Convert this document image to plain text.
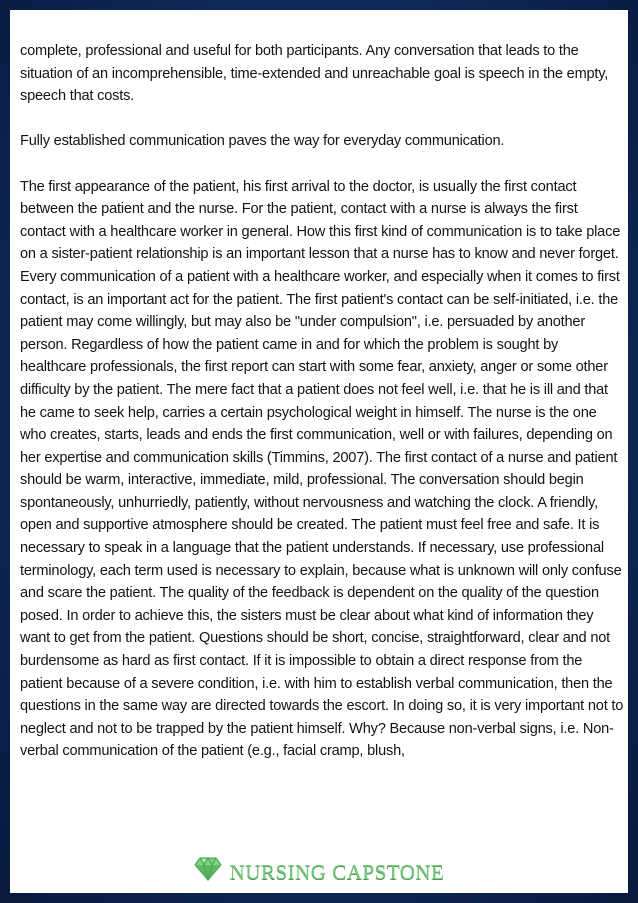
complete, professional and useful for both participants. Any conversation that leads to the situation of an incomprehensible, time-extended and unreachable goal is speech in the empty, speech that costs.

Fully established communication paves the way for everyday communication.

The first appearance of the patient, his first arrival to the doctor, is usually the first contact between the patient and the nurse. For the patient, contact with a nurse is always the first contact with a healthcare worker in general. How this first kind of communication is to take place on a sister-patient relationship is an important lesson that a nurse has to know and never forget. Every communication of a patient with a healthcare worker, and especially when it comes to first contact, is an important act for the patient. The first patient's contact can be self-initiated, i.e. the patient may come willingly, but may also be "under compulsion", i.e. persuaded by another person. Regardless of how the patient came in and for which the problem is sought by healthcare professionals, the first report can start with some fear, anxiety, anger or some other difficulty by the patient. The mere fact that a patient does not feel well, i.e. that he is ill and that he came to seek help, carries a certain psychological weight in himself. The nurse is the one who creates, starts, leads and ends the first communication, well or with failures, depending on her expertise and communication skills (Timmins, 2007). The first contact of a nurse and patient should be warm, interactive, immediate, mild, professional. The conversation should begin spontaneously, unhurriedly, patiently, without nervousness and watching the clock. A friendly, open and supportive atmosphere should be created. The patient must feel free and safe. It is necessary to speak in a language that the patient understands. If necessary, use professional terminology, each term used is necessary to explain, because what is unknown will only confuse and scare the patient. The quality of the feedback is dependent on the quality of the question posed. In order to achieve this, the sisters must be clear about what kind of information they want to get from the patient. Questions should be short, concise, straightforward, clear and not burdensome as hard as first contact. If it is impossible to obtain a direct response from the patient because of a severe condition, i.e. with him to establish verbal communication, then the questions in the same way are directed towards the escort. In doing so, it is very important not to neglect and not to be trapped by the patient himself. Why? Because non-verbal signs, i.e. Non-verbal communication of the patient (e.g., facial cramp, blush,

NURSING CAPSTONE
